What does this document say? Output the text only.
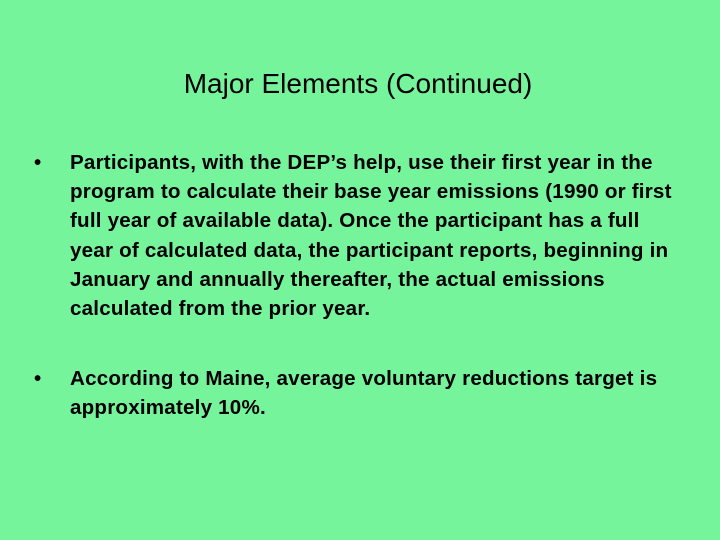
Major Elements (Continued)
•	Participants, with the DEP’s help, use their first year in the program to calculate their base year emissions (1990 or first full year of available data). Once the participant has a full year of calculated data, the participant reports, beginning in January and annually thereafter, the actual emissions calculated from the prior year.
•	According to Maine, average voluntary reductions target is approximately 10%.
